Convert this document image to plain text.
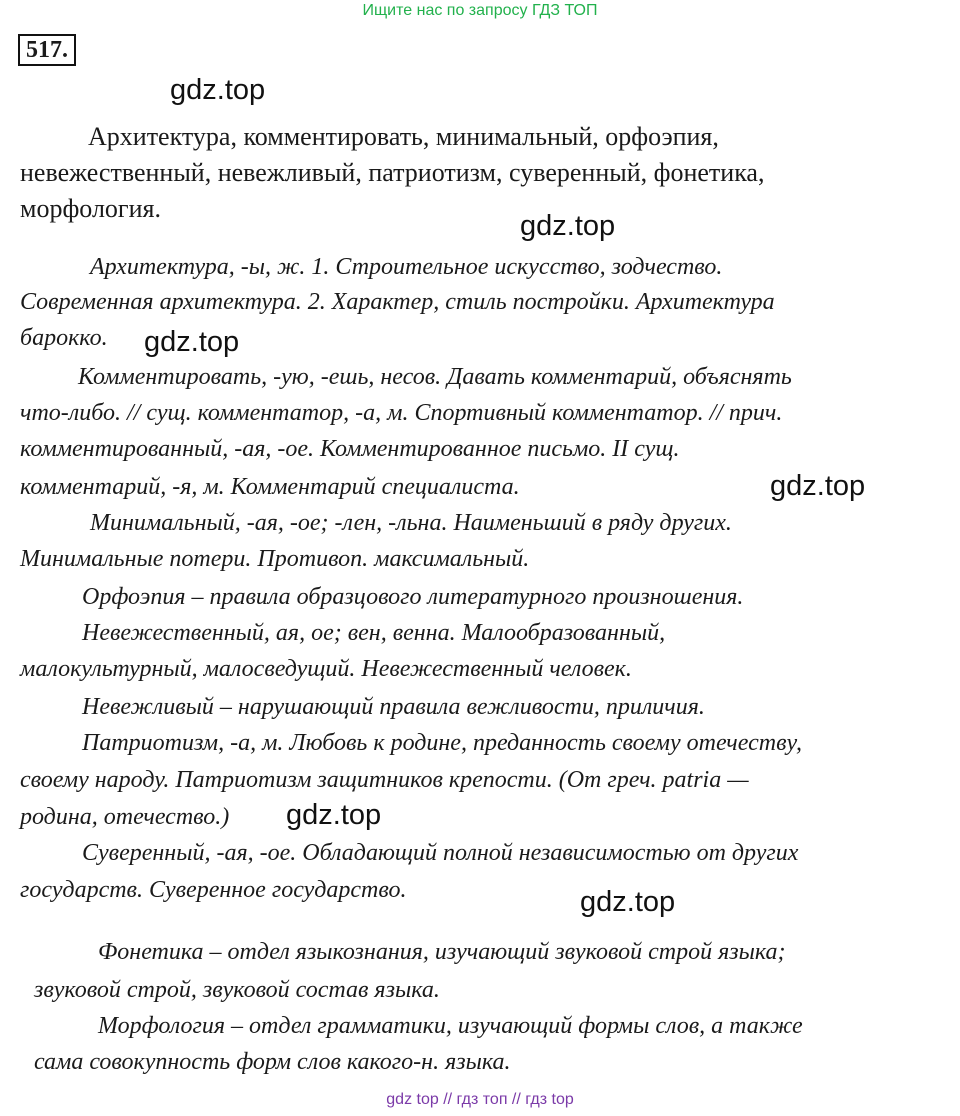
Ищите нас по запросу ГДЗ ТОП
517.
gdz.top
gdz.top
gdz.top
gdz.top
gdz.top
gdz.top
Архитектура, комментировать, минимальный, орфоэпия,
невежественный, невежливый, патриотизм, суверенный, фонетика,
морфология.
Архитектура, -ы, ж. 1. Строительное искусство, зодчество.
Современная архитектура. 2. Характер, стиль постройки. Архитектура
барокко.
Комментировать, -ую, -ешь, несов. Давать комментарий, объяснять
что-либо. // сущ. комментатор, -а, м. Спортивный комментатор. // прич.
комментированный, -ая, -ое. Комментированное письмо. II сущ.
комментарий, -я, м. Комментарий специалиста.
Минимальный, -ая, -ое; -лен, -льна. Наименьший в ряду других.
Минимальные потери. Противоп. максимальный.
Орфоэпия – правила образцового литературного произношения.
Невежественный, ая, ое; вен, венна. Малообразованный,
малокультурный, малосведущий. Невежественный человек.
Невежливый – нарушающий правила вежливости, приличия.
Патриотизм, -а, м. Любовь к родине, преданность своему отечеству,
своему народу. Патриотизм защитников крепости. (От греч. patria —
родина, отечество.)
Суверенный, -ая, -ое. Обладающий полной независимостью от других
государств. Суверенное государство.
Фонетика – отдел языкознания, изучающий звуковой строй языка;
звуковой строй, звуковой состав языка.
Морфология – отдел грамматики, изучающий формы слов, а также
сама совокупность форм слов какого-н. языка.
gdz top // гдз топ // гдз top
